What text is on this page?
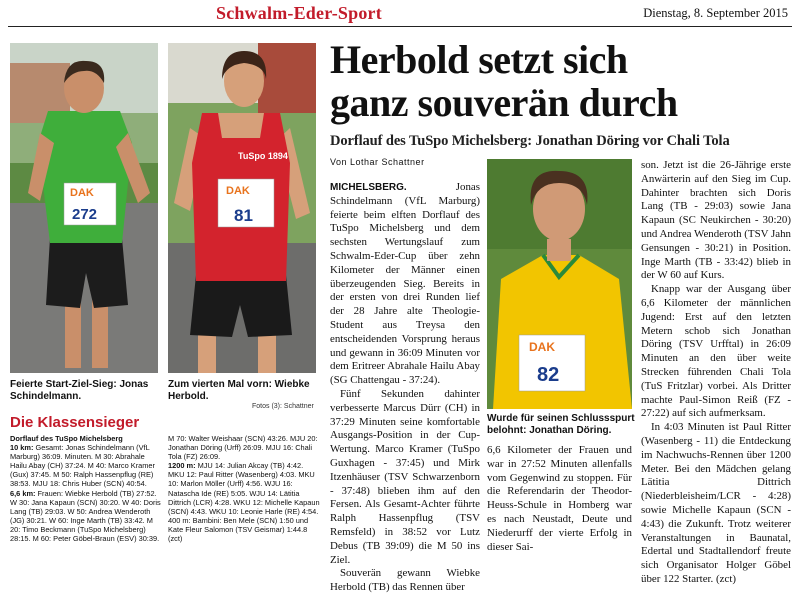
Schwalm-Eder-Sport	Dienstag, 8. September 2015
DAK
272
Feierte Start-Ziel-Sieg: Jonas Schindelmann.
TuSpo 1894
DAK
81
Zum vierten Mal vorn: Wiebke Herbold.
Fotos (3): Schattner
Herbold setzt sich
ganz souverän durch
Dorflauf des TuSpo Michelsberg: Jonathan Döring vor Chali Tola
Von Lothar Schattner

MICHELSBERG.	Jonas Schindelmann (VfL Marburg) feierte beim elften Dorflauf des TuSpo Michelsberg und dem sechsten Wertungslauf zum Schwalm-Eder-Cup über zehn Kilometer der Männer einen überzeugenden Sieg. Bereits in der ersten von drei Runden lief der 28 Jahre alte Theologie-Student aus Treysa den entscheidenden Vorsprung heraus und gewann in 36:09 Minuten vor dem Eritreer Abrahale Hailu Abay (SG Chattengau - 37:24).

Fünf Sekunden dahinter verbesserte Marcus Dürr (CH) in 37:29 Minuten seine komfortable Ausgangs-Position in der Cup-Wertung. Marco Kramer (TuSpo Guxhagen - 37:45) und Mirk Itzenhäuser (TSV Schwarzenborn - 37:48) blieben ihm auf den Fersen. Als Gesamt-Achter führte Ralph Hassenpflug (TSV Remsfeld) in 38:52 vor Lutz Debus (TB 39:09) die M 50 ins Ziel.

Souverän gewann Wiebke Herbold (TB) das Rennen über

DAK
82
Wurde für seinen Schlussspurt belohnt: Jonathan Döring.

6,6 Kilometer der Frauen und war in 27:52 Minuten allenfalls vom Gegenwind zu stoppen. Für die Referendarin der Theodor-Heuss-Schule in Homberg war es nach Neustadt, Deute und Niederurff der vierte Erfolg in dieser Sai-

son. Jetzt ist die 26-Jährige erste Anwärterin auf den Sieg im Cup. Dahinter brachten sich Doris Lang (TB - 29:03) sowie Jana Kapaun (SC Neukirchen - 30:20) und Andrea Wenderoth (TSV Jahn Gensungen - 30:21) in Position. Inge Marth (TB - 33:42) blieb in der W 60 auf Kurs.

Knapp war der Ausgang über 6,6 Kilometer der männlichen Jugend: Erst auf den letzten Metern schob sich Jonathan Döring (TSV Urfftal) in 26:09 Minuten an den über weite Strecken führenden Chali Tola (TuS Fritzlar) vorbei. Als Dritter machte Paul-Simon Reiß (FZ - 27:22) auf sich aufmerksam.

In 4:03 Minuten ist Paul Ritter (Wasenberg - 11) die Entdeckung im Nachwuchs-Rennen über 1200 Meter. Bei den Mädchen gelang Lätitia Dittrich (Niederbleisheim/LCR - 4:28) sowie Michelle Kapaun (SCN - 4:43) die Zukunft. Trotz weiterer Veranstaltungen in Baunatal, Edertal und Stadtallendorf freute sich Organisator Holger Göbel über 122 Starter. (zct)

Die Klassensieger
Dorflauf des TuSpo Michelsberg
10 km: Gesamt: Jonas Schindelmann (VfL Marburg) 36:09. Minuten. M 30: Abrahale Hailu Abay (CH) 37:24. M 40: Marco Kramer (Gux) 37:45. M 50: Ralph Hassenpflug (RE) 38:53. MJU 18: Chris Huber (SCN) 40:54.
6,6 km: Frauen: Wiebke Herbold (TB) 27:52. W 30: Jana Kapaun (SCN) 30:20. W 40: Doris Lang (TB) 29:03. W 50: Andrea Wenderoth (JG) 30:21. W 60: Inge Marth (TB) 33:42. M 20: Timo Beckmann (TuSpo Michelsberg) 28:15. M 60: Peter Göbel-Braun (ESV) 30:39.
M 70: Walter Weishaar (SCN) 43:26. MJU 20: Jonathan Döring (Urff) 26:09. MJU 16: Chali Tola (FZ) 26:09.
1200 m: MJU 14: Julian Akcay (TB) 4:42. MKU 12: Paul Ritter (Wasenberg) 4:03. MKU 10: Marlon Möller (Urff) 4:56. WJU 16: Natascha Ide (RE) 5:05. WJU 14: Lätitia Dittrich (LCR) 4:28. WKU 12: Michelle Kapaun (SCN) 4:43. WKU 10: Leonie Harle (RE) 4:54. 400 m: Bambini: Ben Mele (SCN) 1:50 und Kate Fleur Salomon (TSV Geismar) 1:44.8 (zct)
